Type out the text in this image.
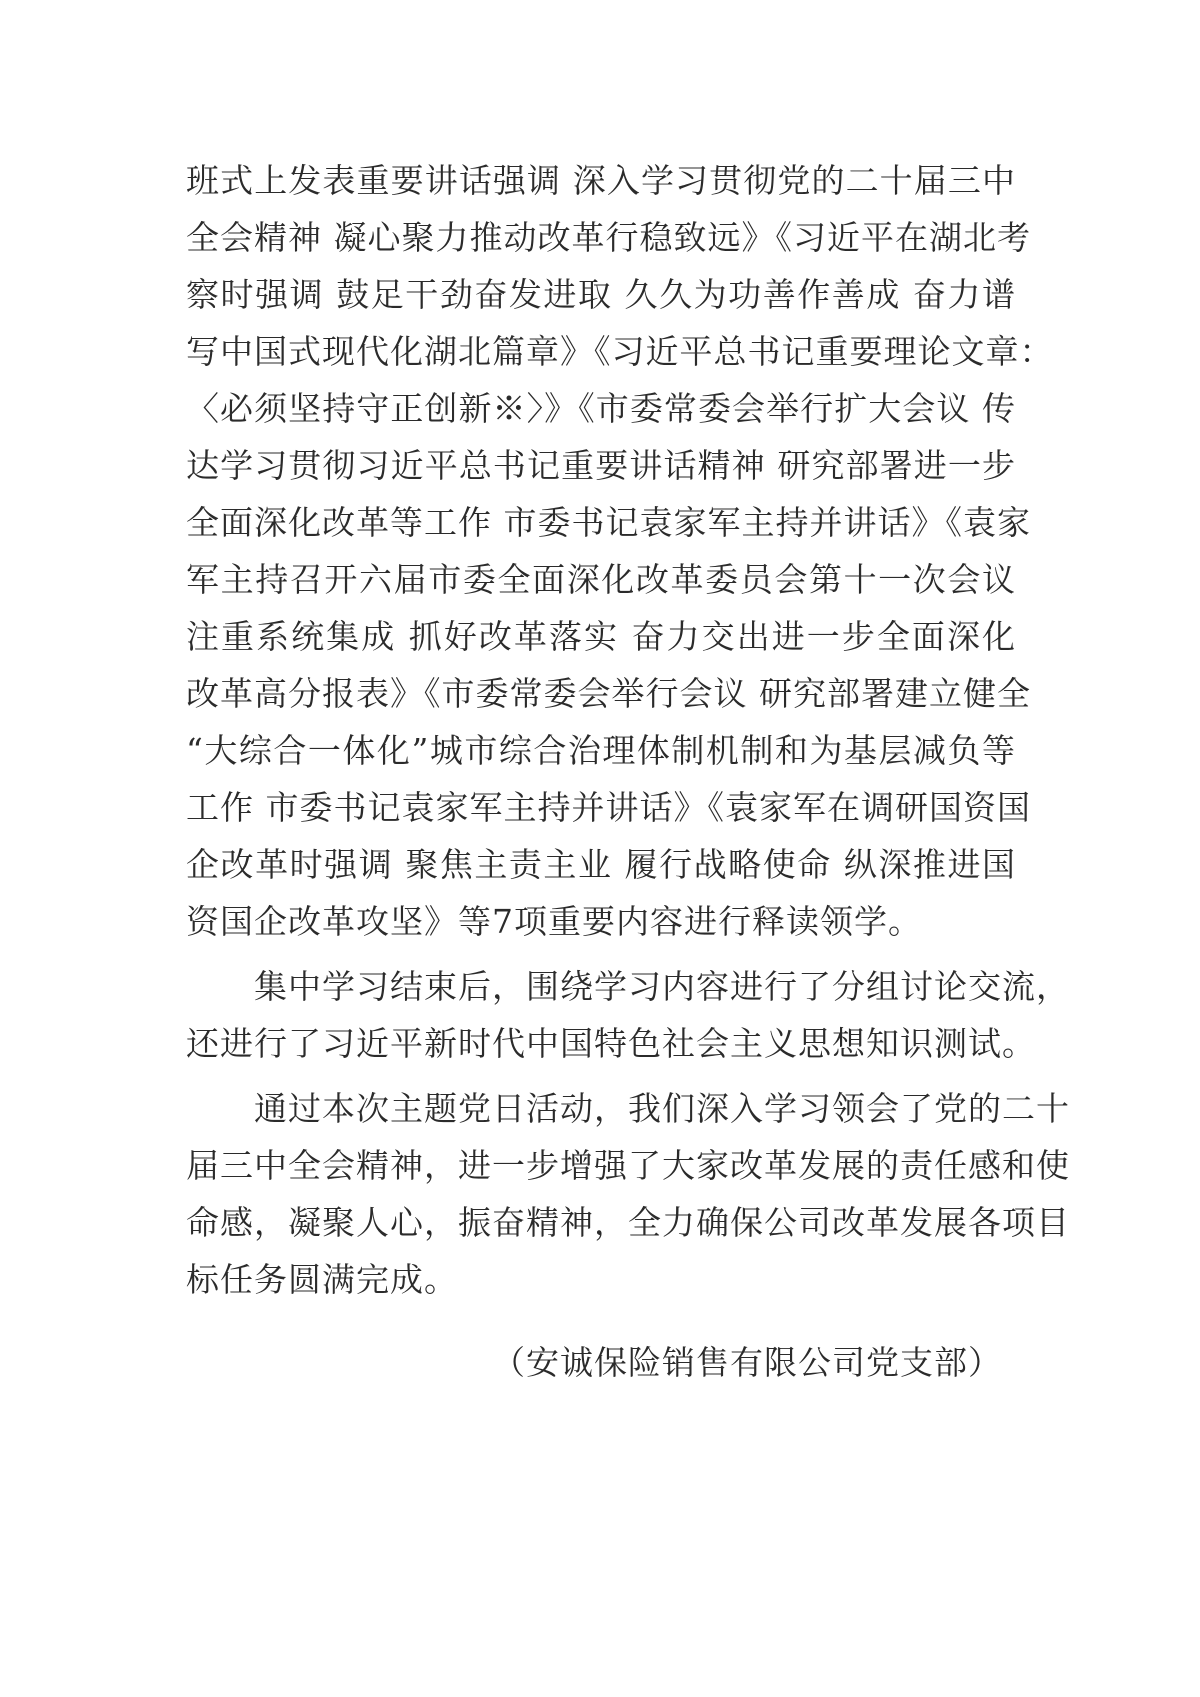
班式上发表重要讲话强调 深入学习贯彻党的二十届三中
全会精神 凝心聚力推动改革行稳致远》《习近平在湖北考
察时强调 鼓足干劲奋发进取 久久为功善作善成 奋力谱
写中国式现代化湖北篇章》《习近平总书记重要理论文章：
〈必须坚持守正创新※〉》《市委常委会举行扩大会议 传
达学习贯彻习近平总书记重要讲话精神 研究部署进一步
全面深化改革等工作 市委书记袁家军主持并讲话》《袁家
军主持召开六届市委全面深化改革委员会第十一次会议
注重系统集成 抓好改革落实 奋力交出进一步全面深化
改革高分报表》《市委常委会举行会议 研究部署建立健全
“大综合一体化”城市综合治理体制机制和为基层减负等
工作 市委书记袁家军主持并讲话》《袁家军在调研国资国
企改革时强调 聚焦主责主业 履行战略使命 纵深推进国
资国企改革攻坚》等7项重要内容进行释读领学。
　　集中学习结束后，围绕学习内容进行了分组讨论交流，
还进行了习近平新时代中国特色社会主义思想知识测试。
　　通过本次主题党日活动，我们深入学习领会了党的二十
届三中全会精神，进一步增强了大家改革发展的责任感和使
命感，凝聚人心，振奋精神，全力确保公司改革发展各项目
标任务圆满完成。
（安诚保险销售有限公司党支部）
